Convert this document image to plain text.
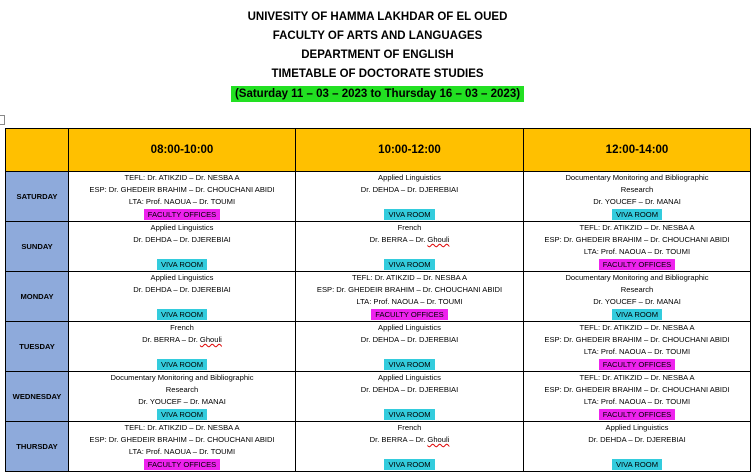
UNIVESITY OF HAMMA LAKHDAR OF EL OUED
FACULTY OF ARTS AND LANGUAGES
DEPARTMENT OF ENGLISH
TIMETABLE OF DOCTORATE STUDIES
(Saturday 11 – 03 – 2023 to Thursday 16 – 03 – 2023)
	08:00-10:00	10:00-12:00	12:00-14:00
SATURDAY	TEFL: Dr. ATIKZID – Dr. NESBA A
ESP: Dr. GHEDEIR BRAHIM – Dr. CHOUCHANI ABIDI
LTA: Prof. NAOUA – Dr. TOUMI
FACULTY OFFICES	Applied Linguistics
Dr. DEHDA – Dr. DJEREBIAI
VIVA ROOM	Documentary Monitoring and Bibliographic
Research
Dr. YOUCEF – Dr. MANAI
VIVA ROOM

SUNDAY	Applied Linguistics
Dr. DEHDA – Dr. DJEREBIAI
VIVA ROOM	French
Dr. BERRA – Dr. Ghouli
VIVA ROOM	TEFL: Dr. ATIKZID – Dr. NESBA A
ESP: Dr. GHEDEIR BRAHIM – Dr. CHOUCHANI ABIDI
LTA: Prof. NAOUA – Dr. TOUMI
FACULTY OFFICES

MONDAY	Applied Linguistics
Dr. DEHDA – Dr. DJEREBIAI
VIVA ROOM	TEFL: Dr. ATIKZID – Dr. NESBA A
ESP: Dr. GHEDEIR BRAHIM – Dr. CHOUCHANI ABIDI
LTA: Prof. NAOUA – Dr. TOUMI
FACULTY OFFICES	Documentary Monitoring and Bibliographic
Research
Dr. YOUCEF – Dr. MANAI
VIVA ROOM

TUESDAY	French
Dr. BERRA – Dr. Ghouli
VIVA ROOM	Applied Linguistics
Dr. DEHDA – Dr. DJEREBIAI
VIVA ROOM	TEFL: Dr. ATIKZID – Dr. NESBA A
ESP: Dr. GHEDEIR BRAHIM – Dr. CHOUCHANI ABIDI
LTA: Prof. NAOUA – Dr. TOUMI
FACULTY OFFICES

WEDNESDAY	Documentary Monitoring and Bibliographic
Research
Dr. YOUCEF – Dr. MANAI
VIVA ROOM	Applied Linguistics
Dr. DEHDA – Dr. DJEREBIAI
VIVA ROOM	TEFL: Dr. ATIKZID – Dr. NESBA A
ESP: Dr. GHEDEIR BRAHIM – Dr. CHOUCHANI ABIDI
LTA: Prof. NAOUA – Dr. TOUMI
FACULTY OFFICES

THURSDAY	TEFL: Dr. ATIKZID – Dr. NESBA A
ESP: Dr. GHEDEIR BRAHIM – Dr. CHOUCHANI ABIDI
LTA: Prof. NAOUA – Dr. TOUMI
FACULTY OFFICES	French
Dr. BERRA – Dr. Ghouli
VIVA ROOM	Applied Linguistics
Dr. DEHDA – Dr. DJEREBIAI
VIVA ROOM
